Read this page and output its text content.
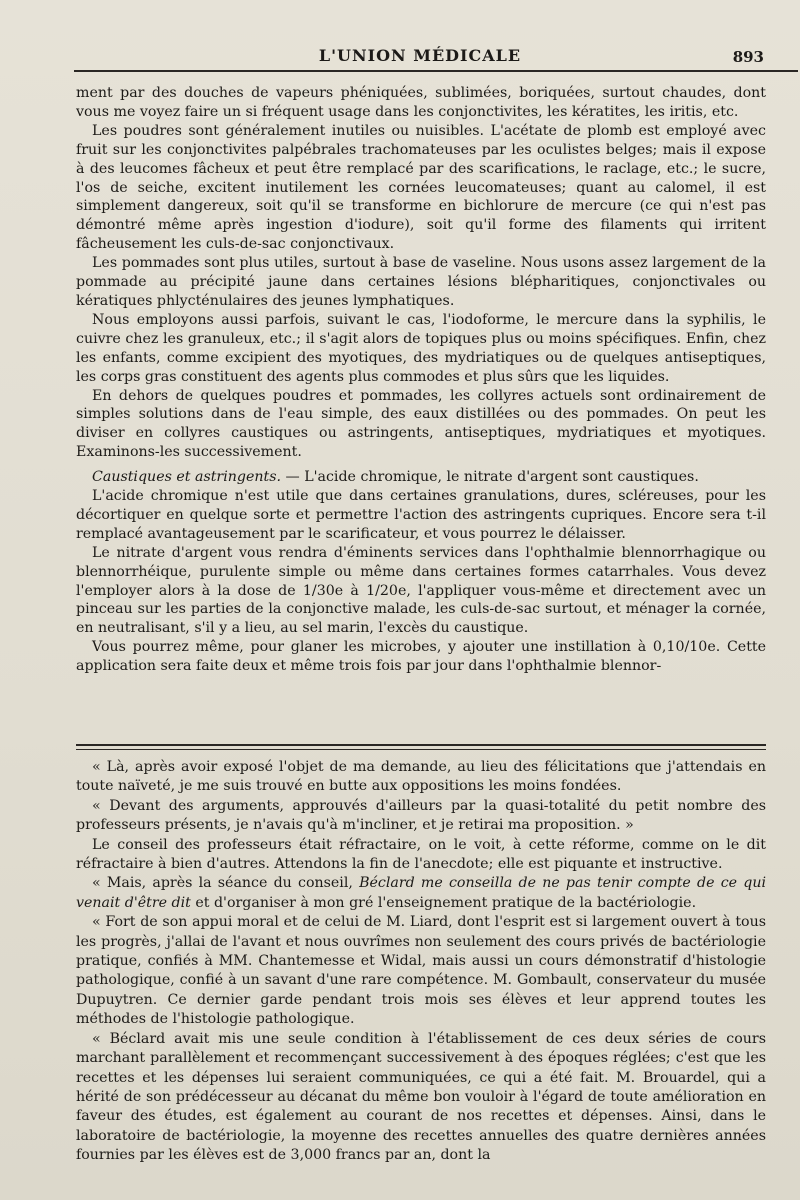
L'UNION MÉDICALE	893

ment par des douches de vapeurs phéniquées, sublimées, boriquées, surtout chaudes, dont vous me voyez faire un si fréquent usage dans les conjonctivites, les kératites, les iritis, etc.

Les poudres sont généralement inutiles ou nuisibles. L'acétate de plomb est employé avec fruit sur les conjonctivites palpébrales trachomateuses par les oculistes belges; mais il expose à des leucomes fâcheux et peut être remplacé par des scarifications, le raclage, etc.; le sucre, l'os de seiche, excitent inutilement les cornées leucomateuses; quant au calomel, il est simplement dangereux, soit qu'il se transforme en bichlorure de mercure (ce qui n'est pas démontré même après ingestion d'iodure), soit qu'il forme des filaments qui irritent fâcheusement les culs-de-sac conjonctivaux.

Les pommades sont plus utiles, surtout à base de vaseline. Nous usons assez largement de la pommade au précipité jaune dans certaines lésions blépharitiques, conjonctivales ou kératiques phlycténulaires des jeunes lymphatiques.

Nous employons aussi parfois, suivant le cas, l'iodoforme, le mercure dans la syphilis, le cuivre chez les granuleux, etc.; il s'agit alors de topiques plus ou moins spécifiques. Enfin, chez les enfants, comme excipient des myotiques, des mydriatiques ou de quelques antiseptiques, les corps gras constituent des agents plus commodes et plus sûrs que les liquides.

En dehors de quelques poudres et pommades, les collyres actuels sont ordinairement de simples solutions dans de l'eau simple, des eaux distillées ou des pommades. On peut les diviser en collyres caustiques ou astringents, antiseptiques, mydriatiques et myotiques. Examinons-les successivement.

Caustiques et astringents. — L'acide chromique, le nitrate d'argent sont caustiques.

L'acide chromique n'est utile que dans certaines granulations, dures, scléreuses, pour les décortiquer en quelque sorte et permettre l'action des astringents cupriques. Encore sera t-il remplacé avantageusement par le scarificateur, et vous pourrez le délaisser.

Le nitrate d'argent vous rendra d'éminents services dans l'ophthalmie blennorrhagique ou blennorrhéique, purulente simple ou même dans certaines formes catarrhales. Vous devez l'employer alors à la dose de 1/30e à 1/20e, l'appliquer vous-même et directement avec un pinceau sur les parties de la conjonctive malade, les culs-de-sac surtout, et ménager la cornée, en neutralisant, s'il y a lieu, au sel marin, l'excès du caustique.

Vous pourrez même, pour glaner les microbes, y ajouter une instillation à 0,10/10e. Cette application sera faite deux et même trois fois par jour dans l'ophthalmie blennor-

« Là, après avoir exposé l'objet de ma demande, au lieu des félicitations que j'attendais en toute naïveté, je me suis trouvé en butte aux oppositions les moins fondées.

« Devant des arguments, approuvés d'ailleurs par la quasi-totalité du petit nombre des professeurs présents, je n'avais qu'à m'incliner, et je retirai ma proposition. »

Le conseil des professeurs était réfractaire, on le voit, à cette réforme, comme on le dit réfractaire à bien d'autres. Attendons la fin de l'anecdote; elle est piquante et instructive.

« Mais, après la séance du conseil, Béclard me conseilla de ne pas tenir compte de ce qui venait d'être dit et d'organiser à mon gré l'enseignement pratique de la bactériologie.

« Fort de son appui moral et de celui de M. Liard, dont l'esprit est si largement ouvert à tous les progrès, j'allai de l'avant et nous ouvrîmes non seulement des cours privés de bactériologie pratique, confiés à MM. Chantemesse et Widal, mais aussi un cours démonstratif d'histologie pathologique, confié à un savant d'une rare compétence. M. Gombault, conservateur du musée Dupuytren. Ce dernier garde pendant trois mois ses élèves et leur apprend toutes les méthodes de l'histologie pathologique.

« Béclard avait mis une seule condition à l'établissement de ces deux séries de cours marchant parallèlement et recommençant successivement à des époques réglées; c'est que les recettes et les dépenses lui seraient communiquées, ce qui a été fait. M. Brouardel, qui a hérité de son prédécesseur au décanat du même bon vouloir à l'égard de toute amélioration en faveur des études, est également au courant de nos recettes et dépenses. Ainsi, dans le laboratoire de bactériologie, la moyenne des recettes annuelles des quatre dernières années fournies par les élèves est de 3,000 francs par an, dont la
